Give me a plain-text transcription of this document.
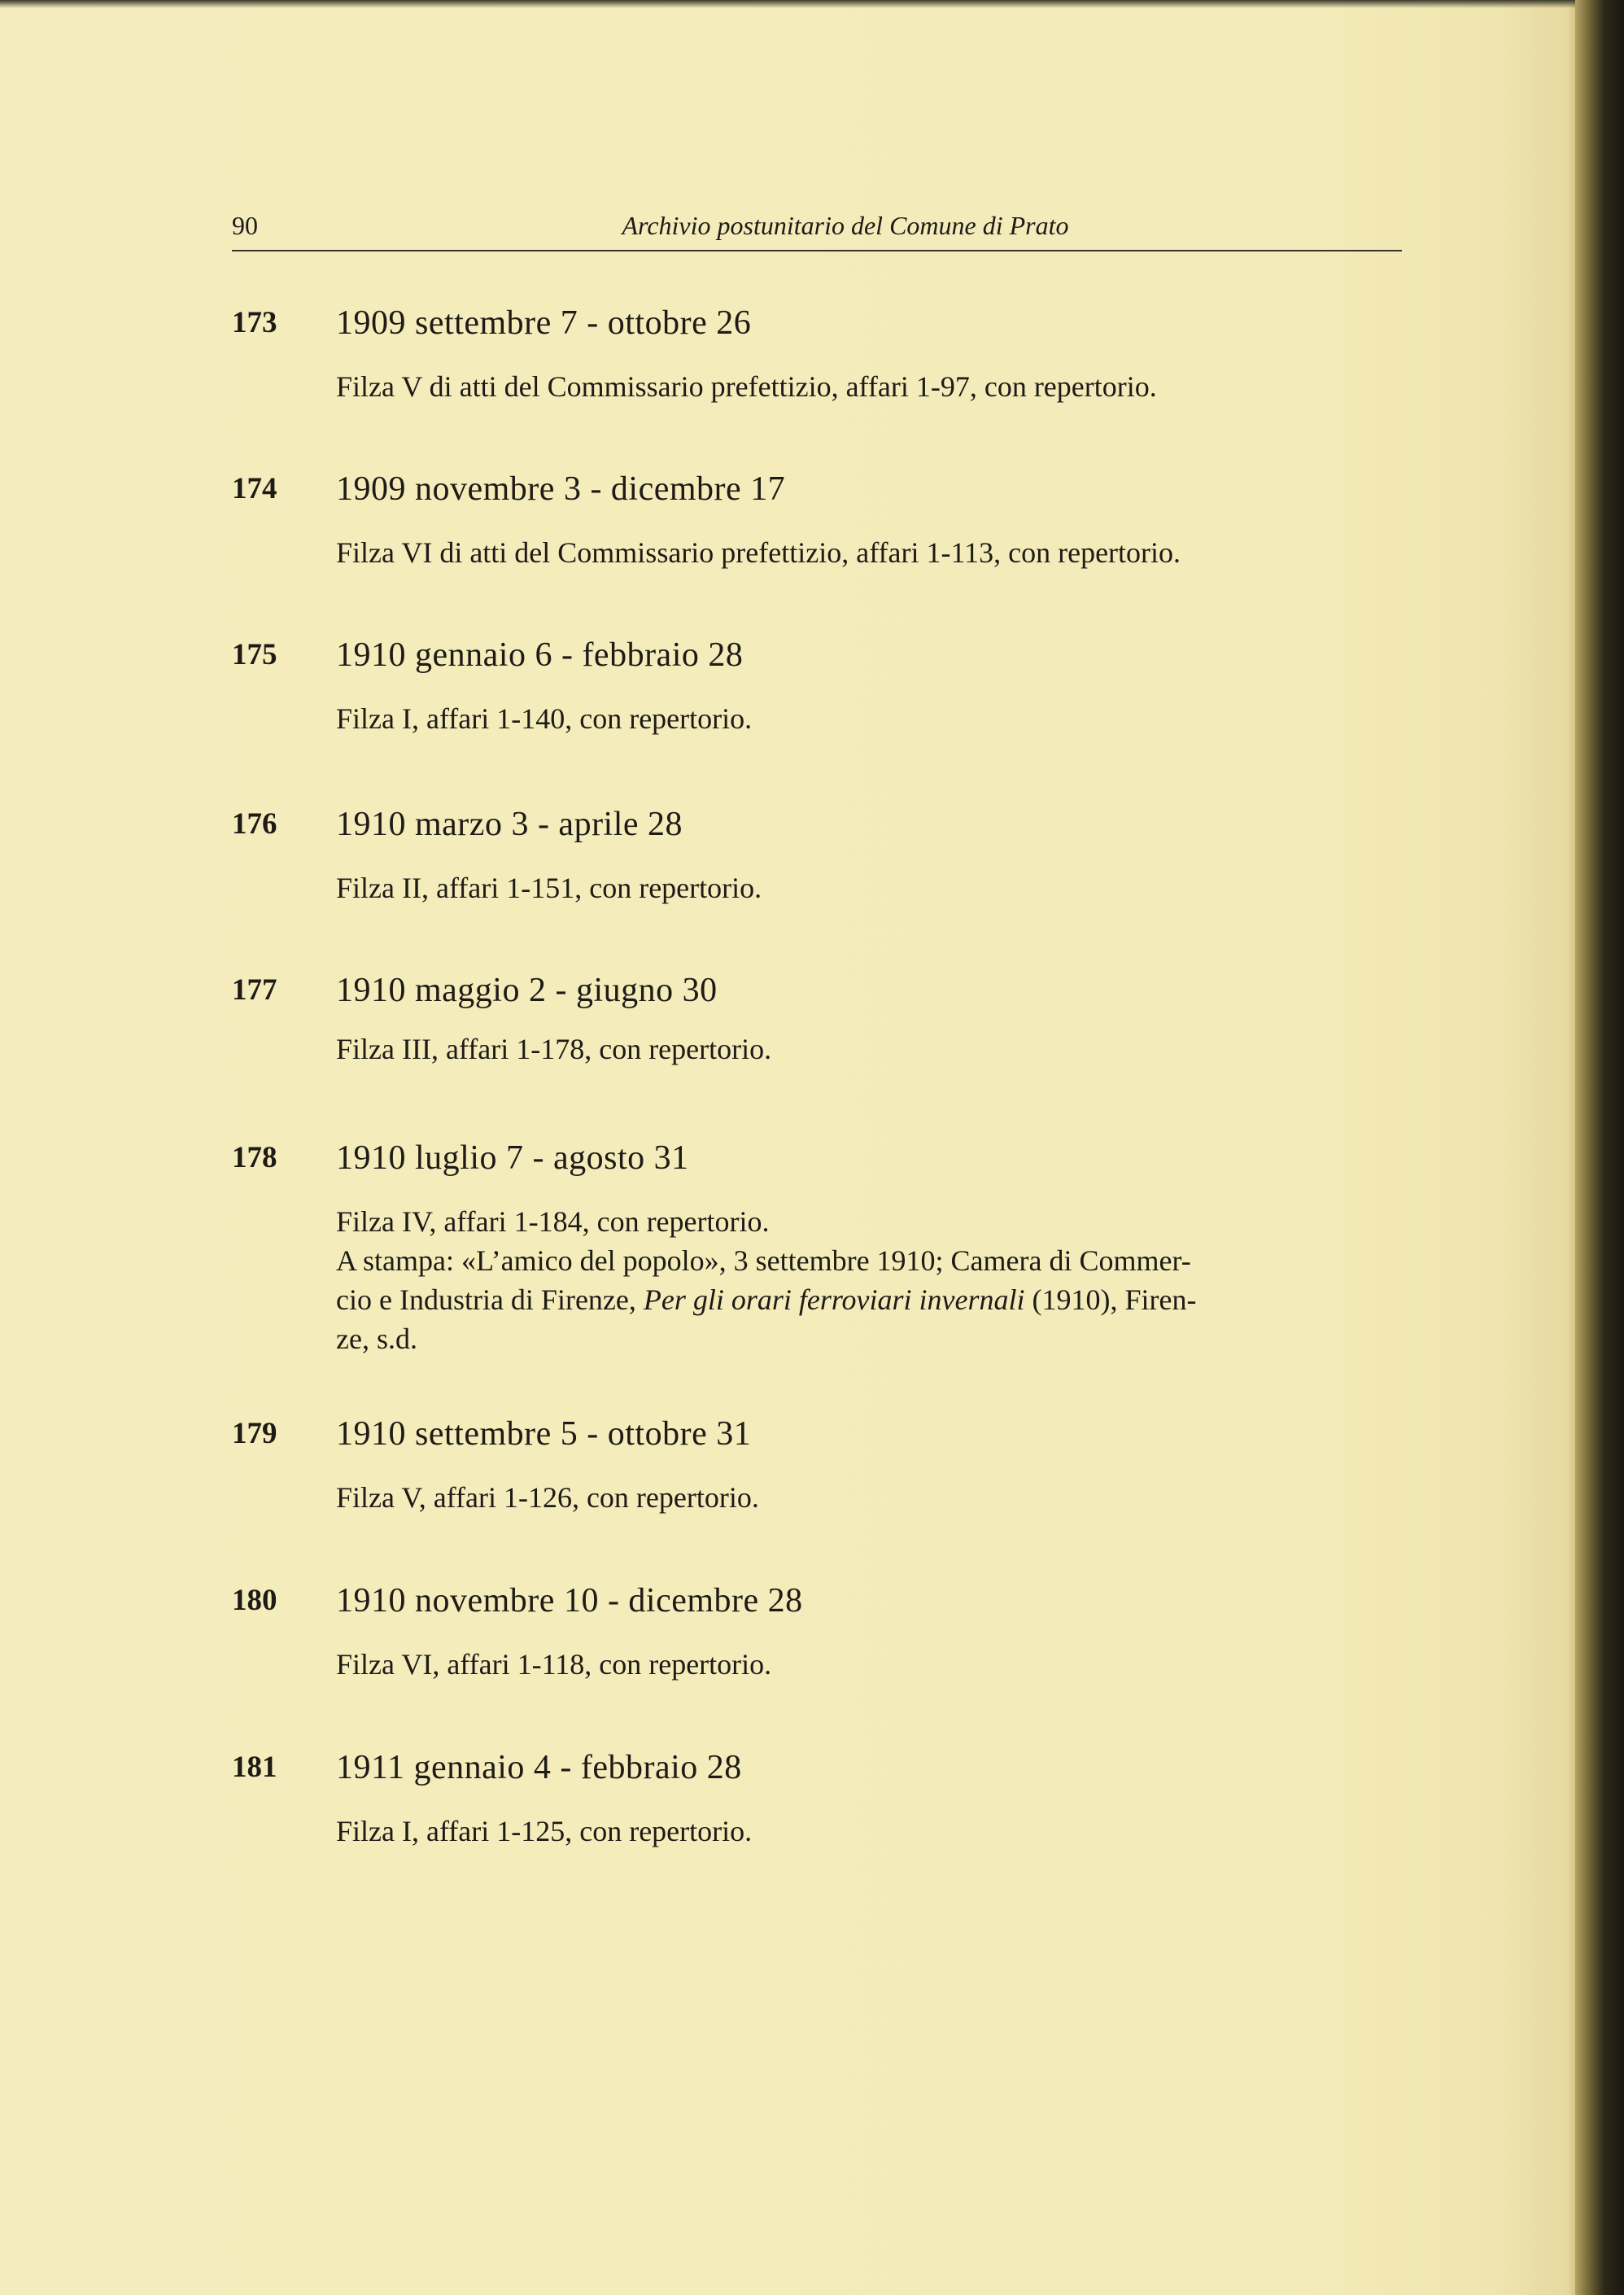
90	Archivio postunitario del Comune di Prato
173 1909 settembre 7 - ottobre 26
Filza V di atti del Commissario prefettizio, affari 1-97, con repertorio.
174 1909 novembre 3 - dicembre 17
Filza VI di atti del Commissario prefettizio, affari 1-113, con repertorio.
175 1910 gennaio 6 - febbraio 28
Filza I, affari 1-140, con repertorio.
176 1910 marzo 3 - aprile 28
Filza II, affari 1-151, con repertorio.
177 1910 maggio 2 - giugno 30
Filza III, affari 1-178, con repertorio.
178 1910 luglio 7 - agosto 31
Filza IV, affari 1-184, con repertorio.
A stampa: «L’amico del popolo», 3 settembre 1910; Camera di Commer-
cio e Industria di Firenze, Per gli orari ferroviari invernali (1910), Firen-
ze, s.d.
179 1910 settembre 5 - ottobre 31
Filza V, affari 1-126, con repertorio.
180 1910 novembre 10 - dicembre 28
Filza VI, affari 1-118, con repertorio.
181 1911 gennaio 4 - febbraio 28
Filza I, affari 1-125, con repertorio.
